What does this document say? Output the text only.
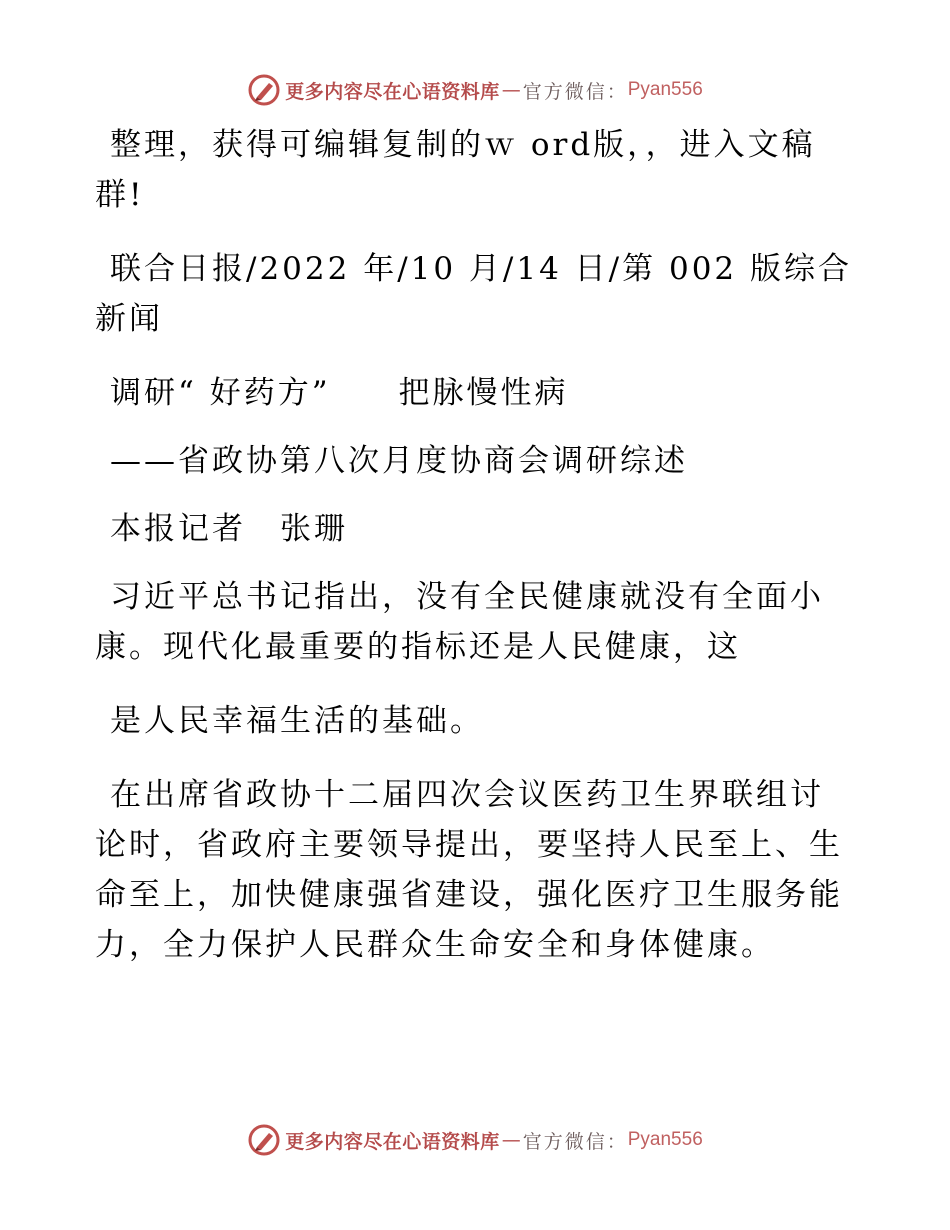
更多内容尽在心语资料库 — 官方微信： Pyan556

整理，获得可编辑复制的ｗ ord版，，进入文稿群!

联合日报/2022 年/10 月/14 日/第 002 版综合新闻

调研“ 好药方”　　把脉慢性病

——省政协第八次月度协商会调研综述

本报记者　张珊

习近平总书记指出，没有全民健康就没有全面小康。现代化最重要的指标还是人民健康，这

是人民幸福生活的基础。

在出席省政协十二届四次会议医药卫生界联组讨论时，省政府主要领导提出，要坚持人民至上、生命至上，加快健康强省建设，强化医疗卫生服务能力，全力保护人民群众生命安全和身体健康。

更多内容尽在心语资料库 — 官方微信： Pyan556
